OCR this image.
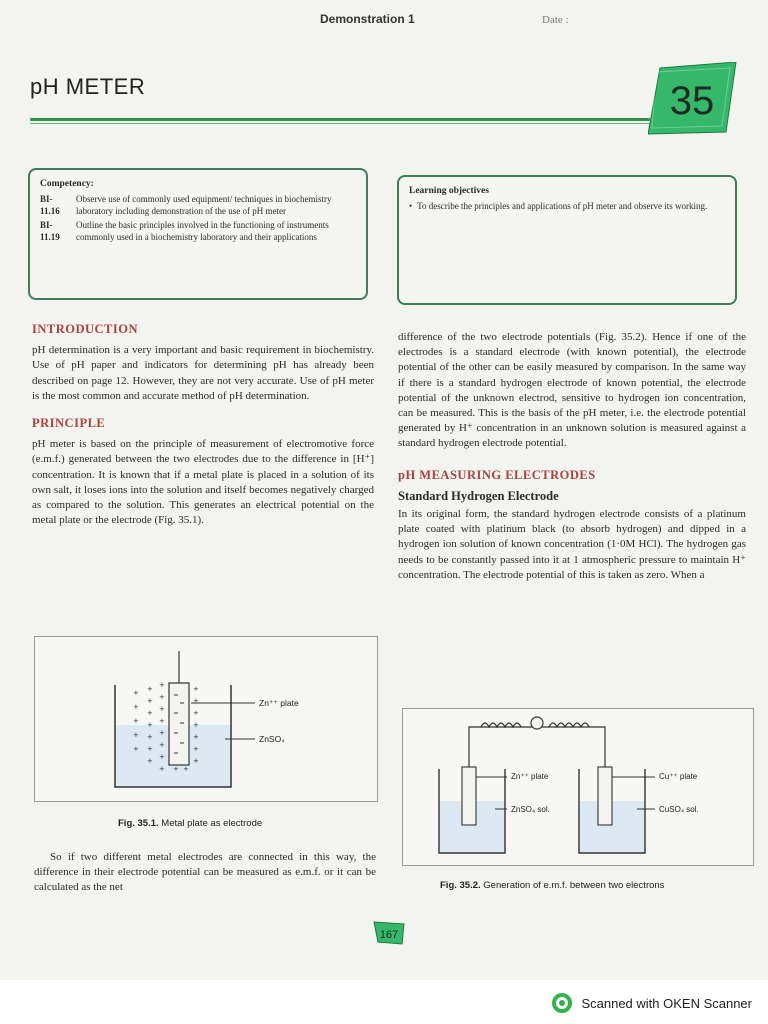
Demonstration 1	Date :
pH METER	35
Competency:
BI-11.16
Observe use of commonly used equipment/ techniques in biochemistry laboratory including demonstration of the use of pH meter
BI-11.19
Outline the basic principles involved in the functioning of instruments commonly used in a biochemistry laboratory and their applications
Learning objectives
• To describe the principles and applications of pH meter and observe its working.
INTRODUCTION

pH determination is a very important and basic requirement in biochemistry. Use of pH paper and indicators for determining pH has already been described on page 12. However, they are not very accurate. Use of pH meter is the most common and accurate method of pH determination.

PRINCIPLE

pH meter is based on the principle of measurement of electromotive force (e.m.f.) generated between the two electrodes due to the difference in [H⁺] concentration. It is known that if a metal plate is placed in a solution of its own salt, it loses ions into the solution and itself becomes negatively charged as compared to the solution. This generates an electrical potential on the metal plate or the electrode (Fig. 35.1).

+
+
+
+
+
+
+
+
+
+
+
+
+
+
+
+
+
+
+
+
+
+
+
+
+
+
+
+ +
Zn⁺⁺ plate
ZnSO₄
Fig. 35.1. Metal plate as electrode

So if two different metal electrodes are connected in this way, the difference in their electrode potential can be measured as e.m.f. or it can be calculated as the net

difference of the two electrode potentials (Fig. 35.2). Hence if one of the electrodes is a standard electrode (with known potential), the electrode potential of the other can be easily measured by comparison. In the same way if there is a standard hydrogen electrode of known potential, the electrode potential of the unknown electrod, sensitive to hydrogen ion concentration, can be measured. This is the basis of the pH meter, i.e. the electrode potential generated by H⁺ concentration in an unknown solution is measured against a standard hydrogen electrode potential.

pH MEASURING ELECTRODES
Standard Hydrogen Electrode

In its original form, the standard hydrogen electrode consists of a platinum plate coated with platinum black (to absorb hydrogen) and dipped in a hydrogen ion solution of known concentration (1·0M HCl). The hydrogen gas needs to be constantly passed into it at 1 atmospheric pressure to maintain H⁺ concentration. The electrode potential of this is taken as zero. When a

Zn⁺⁺ plate
ZnSO₄ sol.
Cu⁺⁺ plate
CuSO₄ sol.
Fig. 35.2. Generation of e.m.f. between two electrons
167
Scanned with OKEN Scanner
